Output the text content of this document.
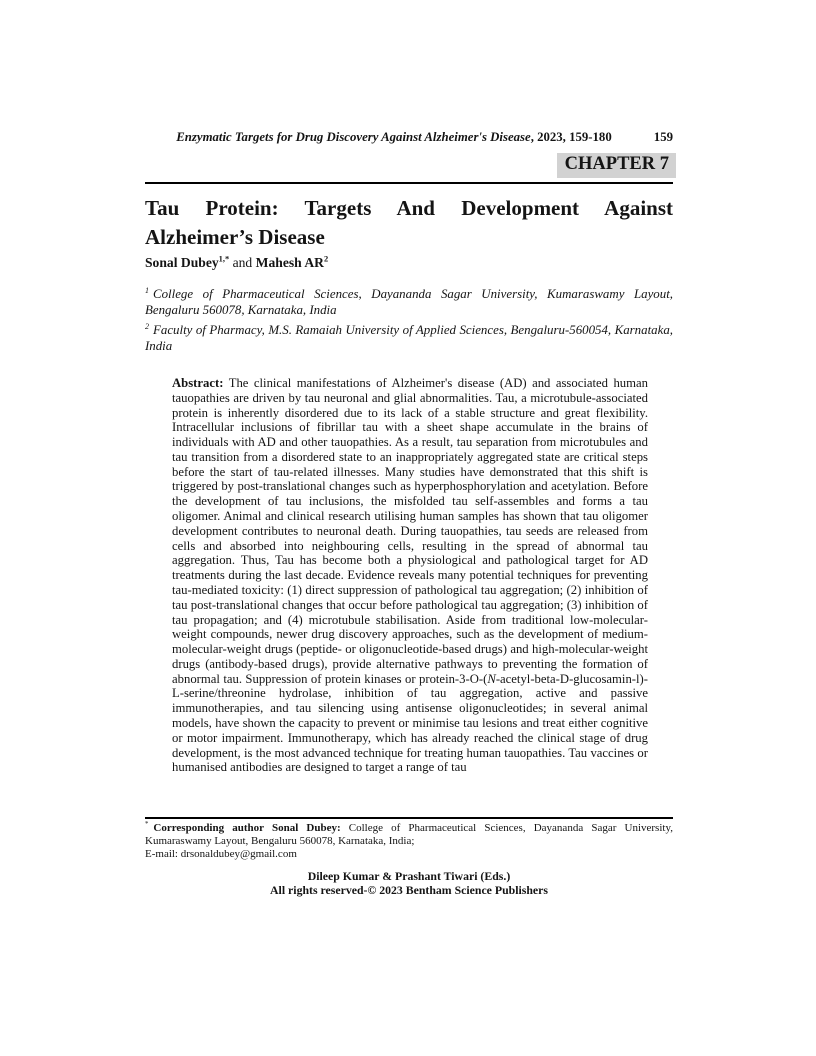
Enzymatic Targets for Drug Discovery Against Alzheimer's Disease, 2023, 159-180	159
CHAPTER 7
Tau Protein: Targets And Development Against
Alzheimer’s Disease

Sonal Dubey$^{1,*}$ and Mahesh $AR^2$

$^1$ College of Pharmaceutical Sciences, Dayananda Sagar University, Kumaraswamy Layout, Bengaluru 560078, Karnataka, India

$^2$ Faculty of Pharmacy, M.S. Ramaiah University of Applied Sciences, Bengaluru-560054, Karnataka, India

Abstract: The clinical manifestations of Alzheimer's disease (AD) and associated human tauopathies are driven by tau neuronal and glial abnormalities. Tau, a microtubule-associated protein is inherently disordered due to its lack of a stable structure and great flexibility. Intracellular inclusions of fibrillar tau with a sheet shape accumulate in the brains of individuals with AD and other tauopathies. As a result, tau separation from microtubules and tau transition from a disordered state to an inappropriately aggregated state are critical steps before the start of tau-related illnesses. Many studies have demonstrated that this shift is triggered by post-translational changes such as hyperphosphorylation and acetylation. Before the development of tau inclusions, the misfolded tau self-assembles and forms a tau oligomer. Animal and clinical research utilising human samples has shown that tau oligomer development contributes to neuronal death. During tauopathies, tau seeds are released from cells and absorbed into neighbouring cells, resulting in the spread of abnormal tau aggregation. Thus, Tau has become both a physiological and pathological target for AD treatments during the last decade. Evidence reveals many potential techniques for preventing tau-mediated toxicity: (1) direct suppression of pathological tau aggregation; (2) inhibition of tau post-translational changes that occur before pathological tau aggregation; (3) inhibition of tau propagation; and (4) microtubule stabilisation. Aside from traditional low-molecular-weight compounds, newer drug discovery approaches, such as the development of medium-molecular-weight drugs (peptide- or oligonucleotide-based drugs) and high-molecular-weight drugs (antibody-based drugs), provide alternative pathways to preventing the formation of abnormal tau. Suppression of protein kinases or protein-3-O-(N-acetyl-beta-D-glucosamin-l)-L-serine/threonine hydrolase, inhibition of tau aggregation, active and passive immunotherapies, and tau silencing using antisense oligonucleotides; in several animal models, have shown the capacity to prevent or minimise tau lesions and treat either cognitive or motor impairment. Immunotherapy, which has already reached the clinical stage of drug development, is the most advanced technique for treating human tauopathies. Tau vaccines or humanised antibodies are designed to target a range of tau

* Corresponding author Sonal Dubey: College of Pharmaceutical Sciences, Dayananda Sagar University, Kumaraswamy Layout, Bengaluru 560078, Karnataka, India;
E-mail: drsonaldubey@gmail.com

Dileep Kumar & Prashant Tiwari (Eds.)
All rights reserved-© 2023 Bentham Science Publishers
